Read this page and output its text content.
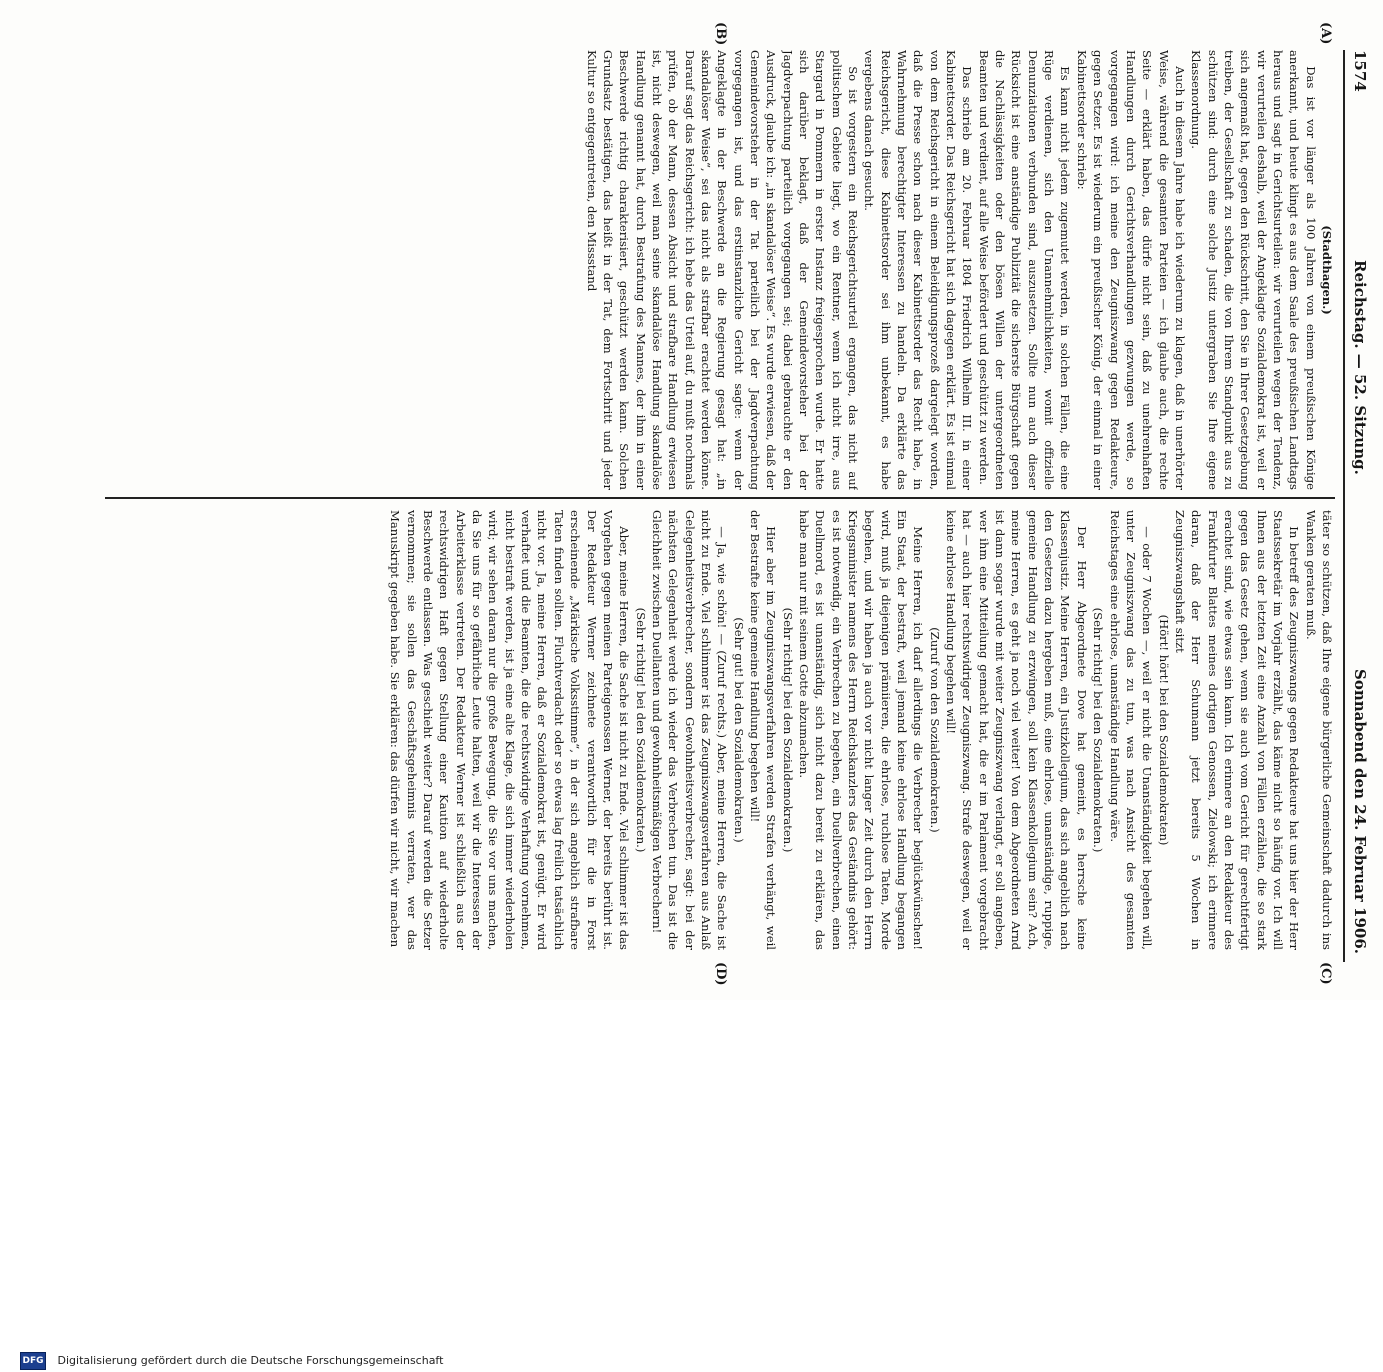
1574
Reichstag. — 52. Sitzung.
Sonnabend den 24. Februar 1906.
(A)
(B)
(C)
(D)

(Stadthagen.)

Das ist vor länger als 100 Jahren von einem preußischen Könige anerkannt, und heute klingt es aus dem Saale des preußischen Landtags heraus und sagt in Gerichtsurteilen: wir verurteilen wegen der Tendenz, wir verurteilen deshalb, weil der Angeklagte Sozialdemokrat ist, weil er sich angemaßt hat, gegen den Rückschritt, den Sie in Ihrer Gesetzgebung treiben, der Gesellschaft zu schaden, die von Ihrem Standpunkt aus zu schützen sind: durch eine solche Justiz untergraben Sie Ihre eigene Klassenordnung.

Auch in diesem Jahre habe ich wiederum zu klagen, daß in unerhörter Weise, während die gesamten Parteien — ich glaube auch, die rechte Seite — erklärt haben, das dürfe nicht sein, daß zu unehrenhaften Handlungen durch Gerichtsverhandlungen gezwungen werde, so vorgegangen wird: ich meine den Zeugniszwang gegen Redakteure, gegen Setzer. Es ist wiederum ein preußischer König, der einmal in einer Kabinettsorder schrieb:

Es kann nicht jedem zugemutet werden, in solchen Fällen, die eine Rüge verdienen, sich den Unannehmlichkeiten, womit offizielle Denunziationen verbunden sind, auszusetzen. Sollte nun auch dieser Rücksicht ist eine anständige Publizität die sicherste Bürgschaft gegen die Nachlässigkeiten oder den bösen Willen der untergeordneten Beamten und verdient, auf alle Weise befördert und geschützt zu werden.

Das schrieb am 20. Februar 1804 Friedrich Wilhelm III. in einer Kabinettsorder. Das Reichsgericht hat sich dagegen erklärt. Es ist einmal von dem Reichsgericht in einem Beleidigungsprozeß dargelegt worden, daß die Presse schon nach dieser Kabinettsorder das Recht habe, in Wahrnehmung berechtigter Interessen zu handeln. Da erklärte das Reichsgericht, diese Kabinettsorder sei ihm unbekannt, es habe vergebens danach gesucht.

So ist vorgestern ein Reichsgerichtsurteil ergangen, das nicht auf politischem Gebiete liegt, wo ein Rentner, wenn ich nicht irre, aus Stargard in Pommern in erster Instanz freigesprochen wurde. Er hatte sich darüber beklagt, daß der Gemeindevorsteher bei der Jagdverpachtung parteilich vorgegangen sei; dabei gebrauchte er den Ausdruck, glaube ich: „in skandalöser Weise“. Es wurde erwiesen, daß der Gemeindevorsteher in der Tat parteilich bei der Jagdverpachtung vorgegangen ist, und das erstinstanzliche Gericht sagte: wenn der Angeklagte in der Beschwerde an die Regierung gesagt hat: „in skandalöser Weise“, sei das nicht als strafbar erachtet werden könne. Darauf sagt das Reichsgericht: ich hebe das Urteil auf, du mußt nochmals prüfen, ob der Mann, dessen Absicht und strafbare Handlung erwiesen ist, nicht deswegen, weil man seine skandalöse Handlung skandalöse Handlung genannt hat, durch Bestrafung des Mannes, der ihm in einer Beschwerde richtig charakterisiert, geschützt werden kann. Solchen Grundsatz bestätigen, das heißt in der Tat, dem Fortschritt und jeder Kultur so entgegentreten, den Missstand

täter so schützen, daß Ihre eigene bürgerliche Gemeinschaft dadurch ins Wanken geraten muß.

In betreff des Zeugniszwangs gegen Redakteure hat uns hier der Herr Staatssekretär im Vorjahr erzählt, das käme nicht so häufig vor. Ich will Ihnen aus der letzten Zeit eine Anzahl von Fällen erzählen, die so stark gegen das Gesetz gehen, wenn sie auch vom Gericht für gerechtfertigt erachtet sind, wie etwas sein kann. Ich erinnere an den Redakteur des Frankfurter Blattes meines dortigen Genossen, Zielowski; ich erinnere daran, daß der Herr Schumann jetzt bereits 5 Wochen in Zeugniszwangshaft sitzt

(Hört! hört! bei den Sozialdemokraten)

— oder 7 Wochen —, weil er nicht die Unanständigkeit begehen will, unter Zeugniszwang das zu tun, was nach Ansicht des gesamten Reichstages eine ehrlose, unanständige Handlung wäre.

(Sehr richtig! bei den Sozialdemokraten.)

Der Herr Abgeordnete Dove hat gemeint, es herrsche keine Klassenjustiz. Meine Herren, ein Justizkollegium, das sich angeblich nach den Gesetzen dazu hergeben muß, eine ehrlose, unanständige, ruppige, gemeine Handlung zu erzwingen, soll kein Klassenkollegium sein? Ach, meine Herren, es geht ja noch viel weiter! Von dem Abgeordneten Arnd ist dann sogar wurde mit weiter Zeugniszwang verlangt, er soll angeben, wer ihm eine Mitteilung gemacht hat, die er im Parlament vorgebracht hat — auch hier rechtswidriger Zeugniszwang. Strafe deswegen, weil er keine ehrlose Handlung begehen will!

(Zuruf von den Sozialdemokraten.)

Meine Herren, ich darf allerdings die Verbrecher beglückwünschen! Ein Staat, der bestraft, weil jemand keine ehrlose Handlung begangen wird, muß ja diejenigen prämiieren, die ehrlose, ruchlose Taten, Morde begehen, und wir haben ja auch vor nicht langer Zeit durch den Herrn Kriegsminister namens des Herrn Reichskanzlers das Geständnis gehört: es ist notwendig, ein Verbrechen zu begehen, ein Duellverbrechen, einen Duellmord, es ist unanständig, sich nicht dazu bereit zu erklären, das habe man nur mit seinem Gotte abzumachen.

(Sehr richtig! bei den Sozialdemokraten.)

Hier aber im Zeugniszwangsverfahren werden Strafen verhängt, weil der Bestrafte keine gemeine Handlung begehen will!

(Sehr gut! bei den Sozialdemokraten.)

— Ja, wie schön! — (Zuruf rechts.) Aber, meine Herren, die Sache ist nicht zu Ende. Viel schlimmer ist das Zeugniszwangsverfahren aus Anlaß Gelegenheitsverbrecher, sondern Gewohnheitsverbrecher, sagt: bei der nächsten Gelegenheit werde ich wieder das Verbrechen tun. Das ist die Gleichheit zwischen Duellanten und gewohnheitsmäßigen Verbrechern!

(Sehr richtig! bei den Sozialdemokraten.)

Aber, meine Herren, die Sache ist nicht zu Ende. Viel schlimmer ist das Vorgehen gegen meinen Parteigenossen Werner, der bereits berührt ist. Der Redakteur Werner zeichnete verantwortlich für die in Forst erscheinende „Märkische Volksstimme“, in der sich angeblich strafbare Taten finden sollten. Fluchtverdacht oder so etwas lag freilich tatsächlich nicht vor. Ja, meine Herren, daß er Sozialdemokrat ist, genügt. Er wird verhaftet und die Beamten, die die rechtswidrige Verhaftung vornehmen, nicht bestraft werden, ist ja eine alte Klage, die sich immer wiederholen wird; wir sehen daran nur die große Bewegung, die Sie vor uns machen, da Sie uns für so gefährliche Leute halten, weil wir die Interessen der Arbeiterklasse vertreten. Der Redakteur Werner ist schließlich aus der rechtswidrigen Haft gegen Stellung einer Kaution auf wiederholte Beschwerde entlassen. Was geschieht weiter? Darauf werden die Setzer vernommen; sie sollen das Geschäftsgeheimnis verraten, wer das Manuskript gegeben habe. Sie erklären: das dürfen wir nicht, wir machen

DFG Digitalisierung gefördert durch die Deutsche Forschungsgemeinschaft
